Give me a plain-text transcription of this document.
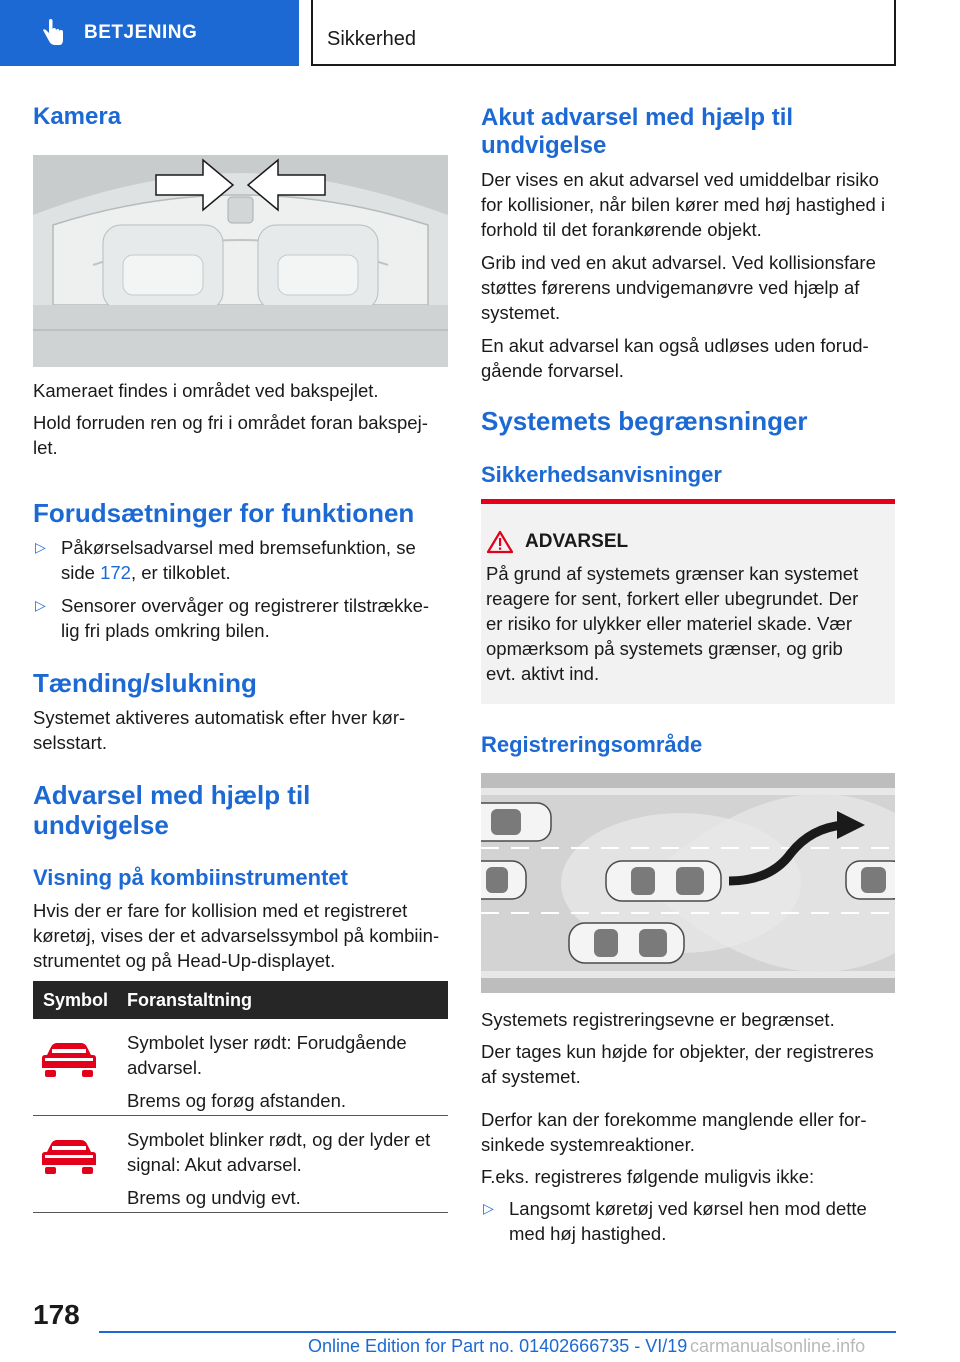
BETJENING	Sikkerhed
Kamera
Kameraet findes i området ved bakspejlet.
Hold forruden ren og fri i området foran bakspej-
let.
Forudsætninger for funktionen
▷ Påkørselsadvarsel med bremsefunktion, se
side 172, er tilkoblet.
▷ Sensorer overvåger og registrerer tilstrække-
lig fri plads omkring bilen.
Tænding/slukning
Systemet aktiveres automatisk efter hver kør-
selsstart.
Advarsel med hjælp til
undvigelse
Visning på kombiinstrumentet
Hvis der er fare for kollision med et registreret
køretøj, vises der et advarselssymbol på kombiin-
strumentet og på Head-Up-displayet.
Symbol Foranstaltning
Symbolet lyser rødt: Forudgående
advarsel.
Brems og forøg afstanden.
Symbolet blinker rødt, og der lyder et
signal: Akut advarsel.
Brems og undvig evt.
Akut advarsel med hjælp til
undvigelse
Der vises en akut advarsel ved umiddelbar risiko
for kollisioner, når bilen kører med høj hastighed i
forhold til det forankørende objekt.
Grib ind ved en akut advarsel. Ved kollisionsfare
støttes førerens undvigemanøvre ved hjælp af
systemet.
En akut advarsel kan også udløses uden forud-
gående forvarsel.
Systemets begrænsninger
Sikkerhedsanvisninger
ADVARSEL
På grund af systemets grænser kan systemet
reagere for sent, forkert eller ubegrundet. Der
er risiko for ulykker eller materiel skade. Vær
opmærksom på systemets grænser, og grib
evt. aktivt ind.
Registreringsområde
Systemets registreringsevne er begrænset.
Der tages kun højde for objekter, der registreres
af systemet.
Derfor kan der forekomme manglende eller for-
sinkede systemreaktioner.
F.eks. registreres følgende muligvis ikke:
▷ Langsomt køretøj ved kørsel hen mod dette
med høj hastighed.
178
Online Edition for Part no. 01402666735 - VI/19 carmanualsonline.info
